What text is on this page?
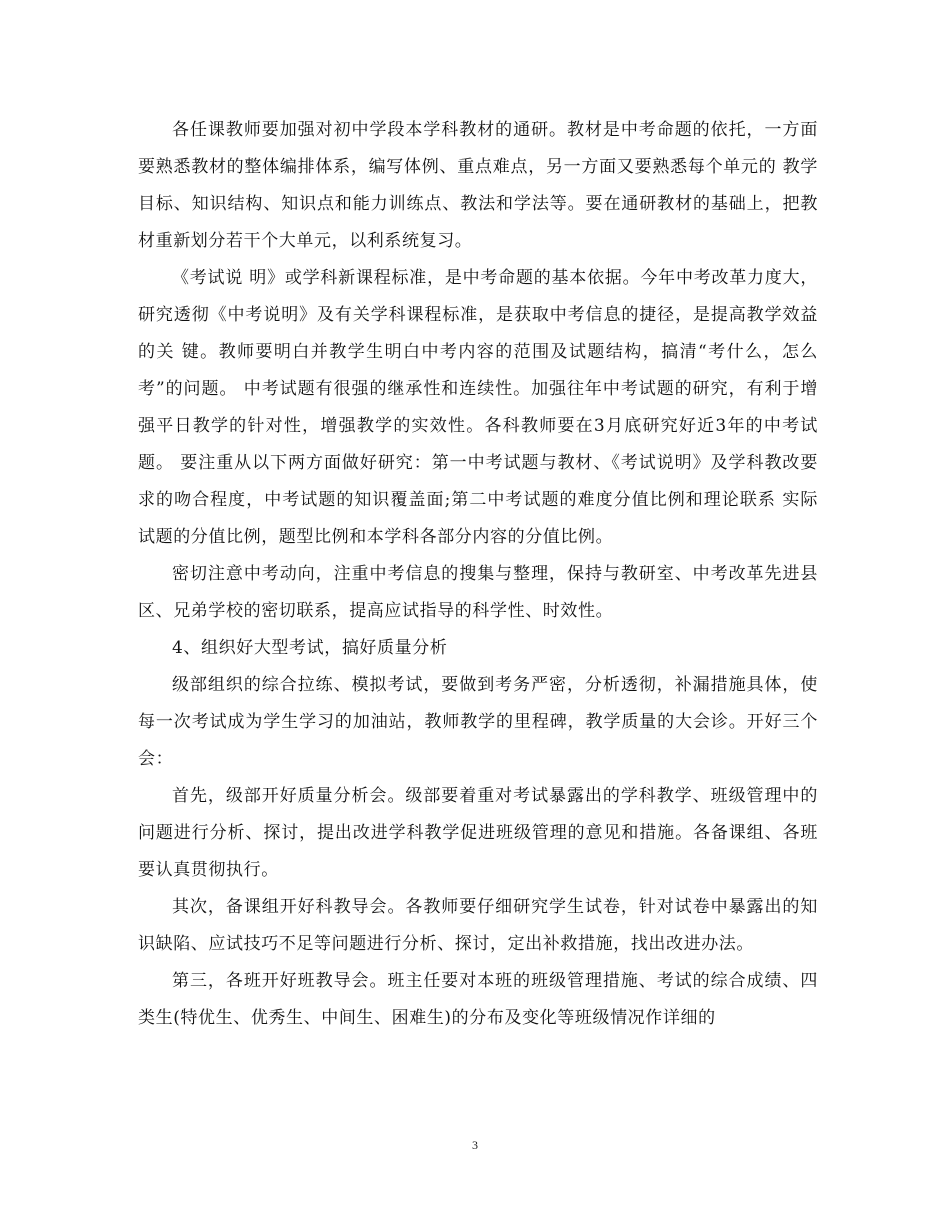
各任课教师要加强对初中学段本学科教材的通研。教材是中考命题的依托，一方面要熟悉教材的整体编排体系，编写体例、重点难点，另一方面又要熟悉每个单元的 教学目标、知识结构、知识点和能力训练点、教法和学法等。要在通研教材的基础上，把教材重新划分若干个大单元，以利系统复习。

《考试说 明》或学科新课程标准，是中考命题的基本依据。今年中考改革力度大，研究透彻《中考说明》及有关学科课程标准，是获取中考信息的捷径，是提高教学效益的关 键。教师要明白并教学生明白中考内容的范围及试题结构，搞清“考什么，怎么考”的问题。 中考试题有很强的继承性和连续性。加强往年中考试题的研究，有利于增强平日教学的针对性，增强教学的实效性。各科教师要在3月底研究好近3年的中考试题。 要注重从以下两方面做好研究：第一中考试题与教材、《考试说明》及学科教改要求的吻合程度，中考试题的知识覆盖面;第二中考试题的难度分值比例和理论联系 实际试题的分值比例，题型比例和本学科各部分内容的分值比例。

密切注意中考动向，注重中考信息的搜集与整理，保持与教研室、中考改革先进县区、兄弟学校的密切联系，提高应试指导的科学性、时效性。

4、组织好大型考试，搞好质量分析

级部组织的综合拉练、模拟考试，要做到考务严密，分析透彻，补漏措施具体，使每一次考试成为学生学习的加油站，教师教学的里程碑，教学质量的大会诊。开好三个会：

首先，级部开好质量分析会。级部要着重对考试暴露出的学科教学、班级管理中的问题进行分析、探讨，提出改进学科教学促进班级管理的意见和措施。各备课组、各班要认真贯彻执行。

其次，备课组开好科教导会。各教师要仔细研究学生试卷，针对试卷中暴露出的知识缺陷、应试技巧不足等问题进行分析、探讨，定出补救措施，找出改进办法。

第三，各班开好班教导会。班主任要对本班的班级管理措施、考试的综合成绩、四类生(特优生、优秀生、中间生、困难生)的分布及变化等班级情况作详细的

3
